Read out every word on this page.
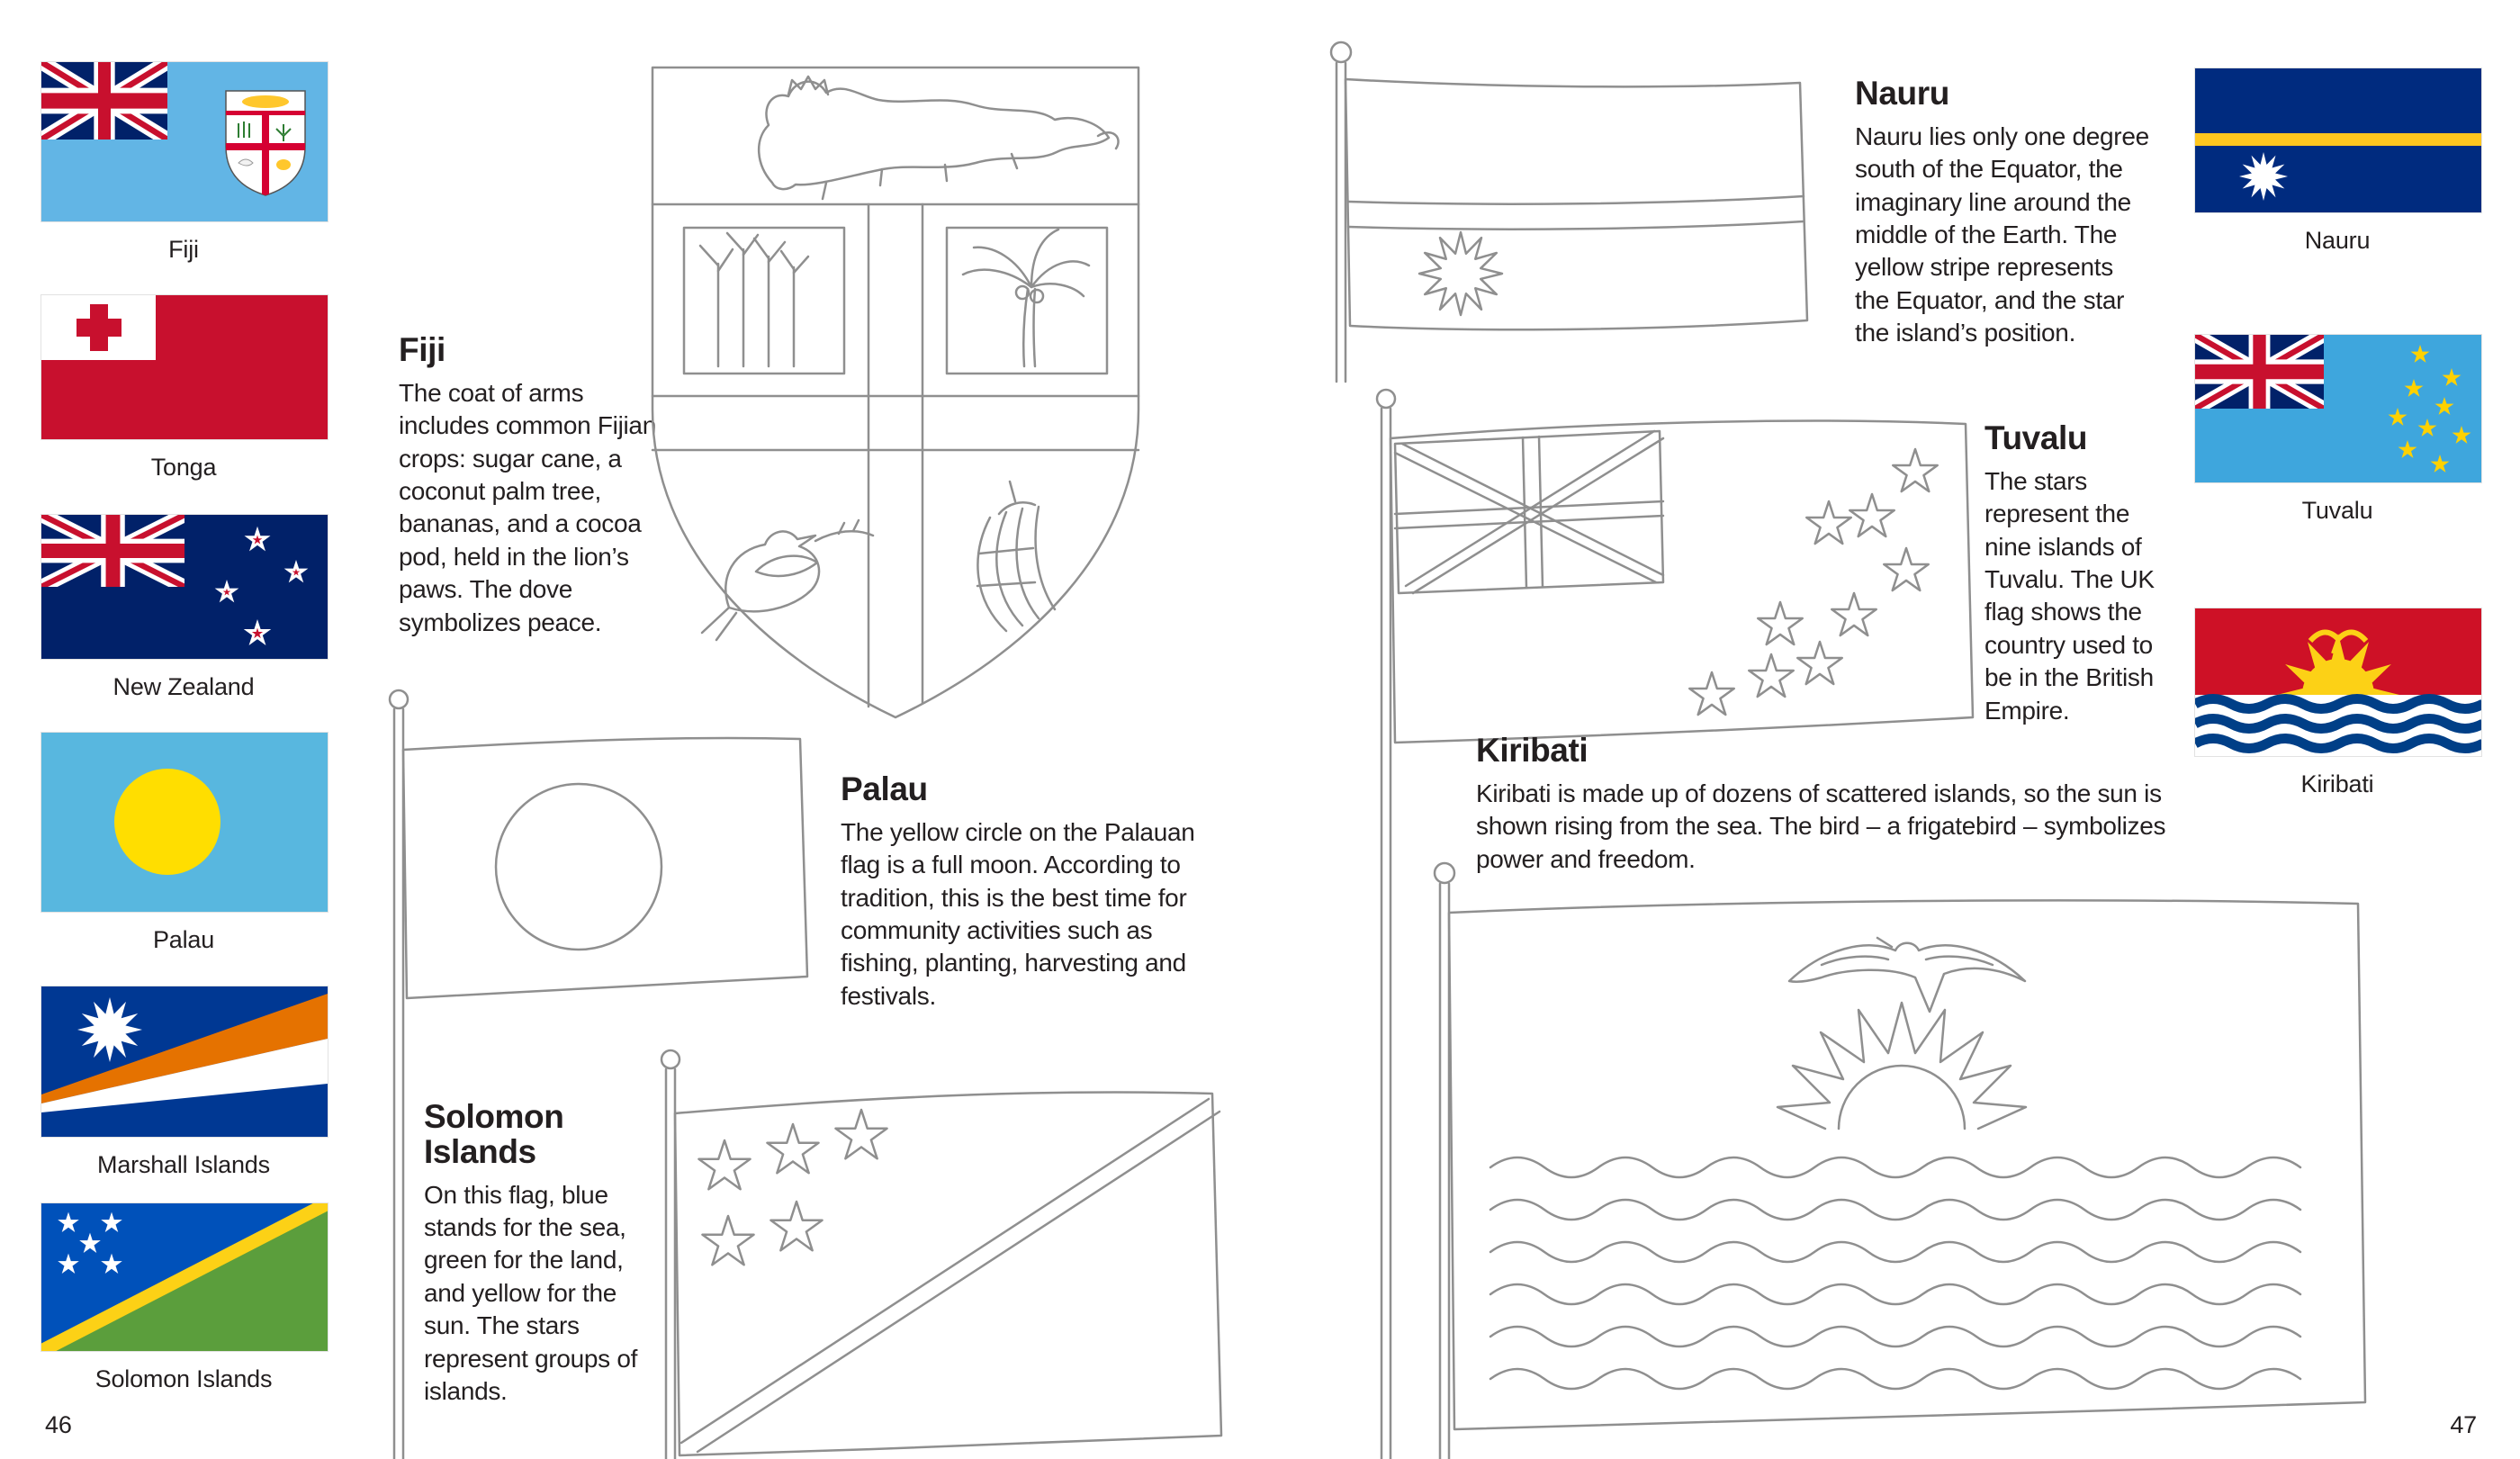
Fiji
Tonga
New Zealand
Palau
Marshall Islands
Solomon Islands
Fiji

The coat of arms includes common Fijian crops: sugar cane, a coconut palm tree, bananas, and a cocoa pod, held in the lion’s paws. The dove symbolizes peace.

Palau

The yellow circle on the Palauan flag is a full moon. According to tradition, this is the best time for community activities such as fishing, planting, harvesting and festivals.

Solomon Islands

On this flag, blue stands for the sea, green for the land, and yellow for the sun. The stars represent groups of islands.

Nauru

Nauru lies only one degree south of the Equator, the imaginary line around the middle of the Earth. The yellow stripe represents the Equator, and the star the island’s position.

Tuvalu

The stars represent the nine islands of Tuvalu. The UK flag shows the country used to be in the British Empire.

Kiribati

Kiribati is made up of dozens of scattered islands, so the sun is shown rising from the sea. The bird – a frigatebird – symbolizes power and freedom.

Nauru
Tuvalu
Kiribati
46	47
